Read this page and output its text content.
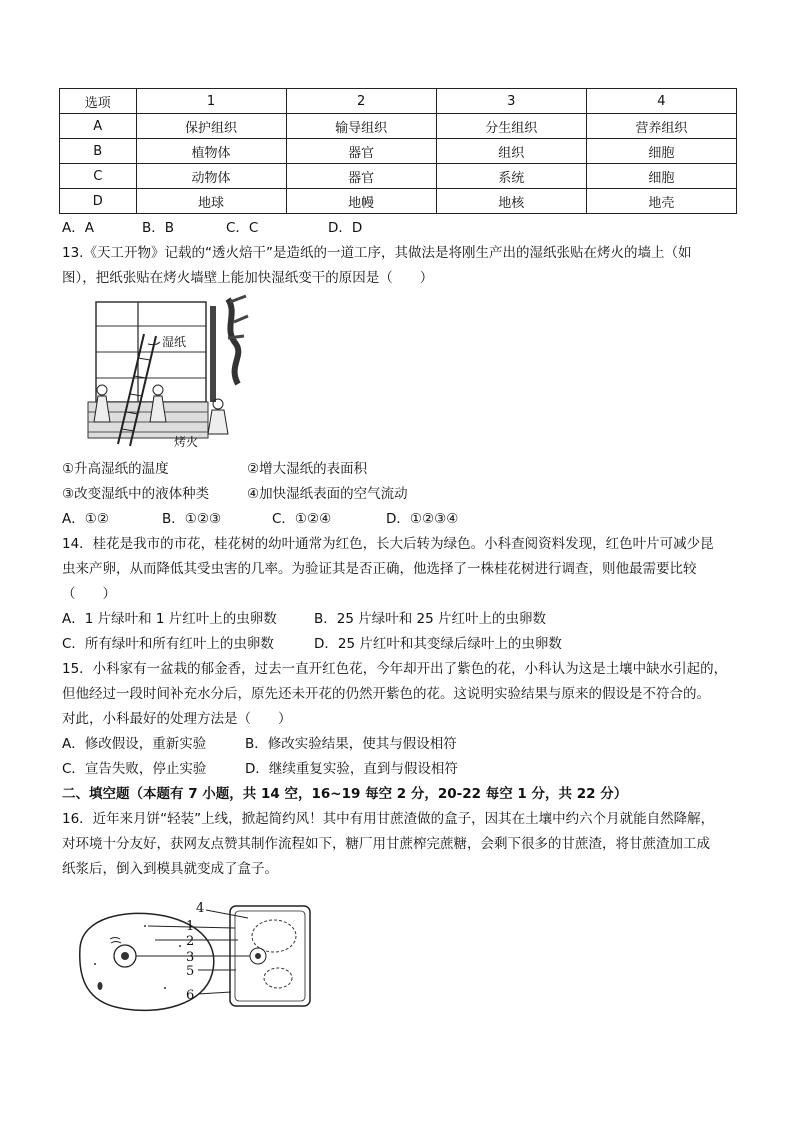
选项	1	2	3	4
A	保护组织	输导组织	分生组织	营养组织
B	植物体	器官	组织	细胞
C	动物体	器官	系统	细胞
D	地球	地幔	地核	地壳
A．A	B．B	C．C	D．D
13.《天工开物》记载的“透火焙干”是造纸的一道工序，其做法是将刚生产出的湿纸张贴在烤火的墙上（如
图），把纸张贴在烤火墙壁上能加快湿纸变干的原因是（　　）
湿纸
烤火
①升高湿纸的温度	②增大湿纸的表面积
③改变湿纸中的液体种类	④加快湿纸表面的空气流动
A．①②	B．①②③	C．①②④	D．①②③④
14．桂花是我市的市花，桂花树的幼叶通常为红色，长大后转为绿色。小科查阅资料发现，红色叶片可减少昆
虫来产卵，从而降低其受虫害的几率。为验证其是否正确，他选择了一株桂花树进行调查，则他最需要比较
（　　）
A．1 片绿叶和 1 片红叶上的虫卵数	B．25 片绿叶和 25 片红叶上的虫卵数
C．所有绿叶和所有红叶上的虫卵数	D．25 片红叶和其变绿后绿叶上的虫卵数
15．小科家有一盆栽的郁金香，过去一直开红色花，今年却开出了紫色的花，小科认为这是土壤中缺水引起的，
但他经过一段时间补充水分后，原先还未开花的仍然开紫色的花。这说明实验结果与原来的假设是不符合的。
对此，小科最好的处理方法是（　　）
A．修改假设，重新实验	B．修改实验结果，使其与假设相符
C．宣告失败，停止实验	D．继续重复实验，直到与假设相符
二、填空题（本题有 7 小题，共 14 空，16~19 每空 2 分，20-22 每空 1 分，共 22 分）
16．近年来月饼“轻装”上线，掀起简约风！其中有用甘蔗渣做的盒子，因其在土壤中约六个月就能自然降解，
对环境十分友好，获网友点赞其制作流程如下，糖厂用甘蔗榨完蔗糖，会剩下很多的甘蔗渣，将甘蔗渣加工成
纸浆后，倒入到模具就变成了盒子。
4
1
2
3
5
6
